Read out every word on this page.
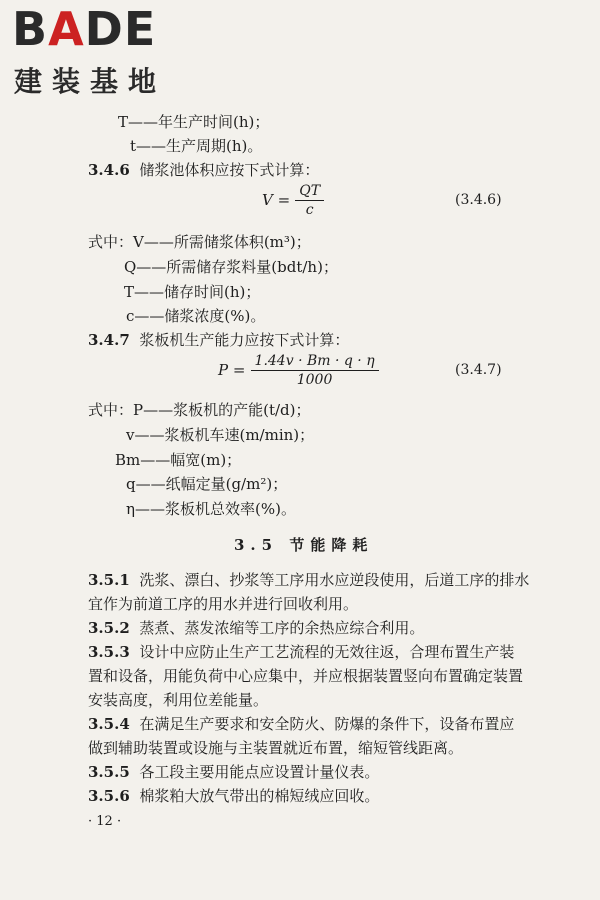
BADE
建装基地
T——年生产时间(h)；
t——生产周期(h)。
3.4.6 储浆池体积应按下式计算：
$V = \frac{QT}{c}$	(3.4.6)
式中：V——所需储浆体积(m³)；
Q——所需储存浆料量(bdt/h)；
T——储存时间(h)；
c——储浆浓度(%)。
3.4.7 浆板机生产能力应按下式计算：
$P = \frac{1.44v \cdot Bm \cdot q \cdot \eta}{1000}$	(3.4.7)
式中：P——浆板机的产能(t/d)；
v——浆板机车速(m/min)；
Bm——幅宽(m)；
q——纸幅定量(g/m²)；
η——浆板机总效率(%)。
3.5 节能降耗
3.5.1 洗浆、漂白、抄浆等工序用水应逆段使用，后道工序的排水
宜作为前道工序的用水并进行回收利用。
3.5.2 蒸煮、蒸发浓缩等工序的余热应综合利用。
3.5.3 设计中应防止生产工艺流程的无效往返，合理布置生产装
置和设备，用能负荷中心应集中，并应根据装置竖向布置确定装置
安装高度，利用位差能量。
3.5.4 在满足生产要求和安全防火、防爆的条件下，设备布置应
做到辅助装置或设施与主装置就近布置，缩短管线距离。
3.5.5 各工段主要用能点应设置计量仪表。
3.5.6 棉浆粕大放气带出的棉短绒应回收。
· 12 ·
